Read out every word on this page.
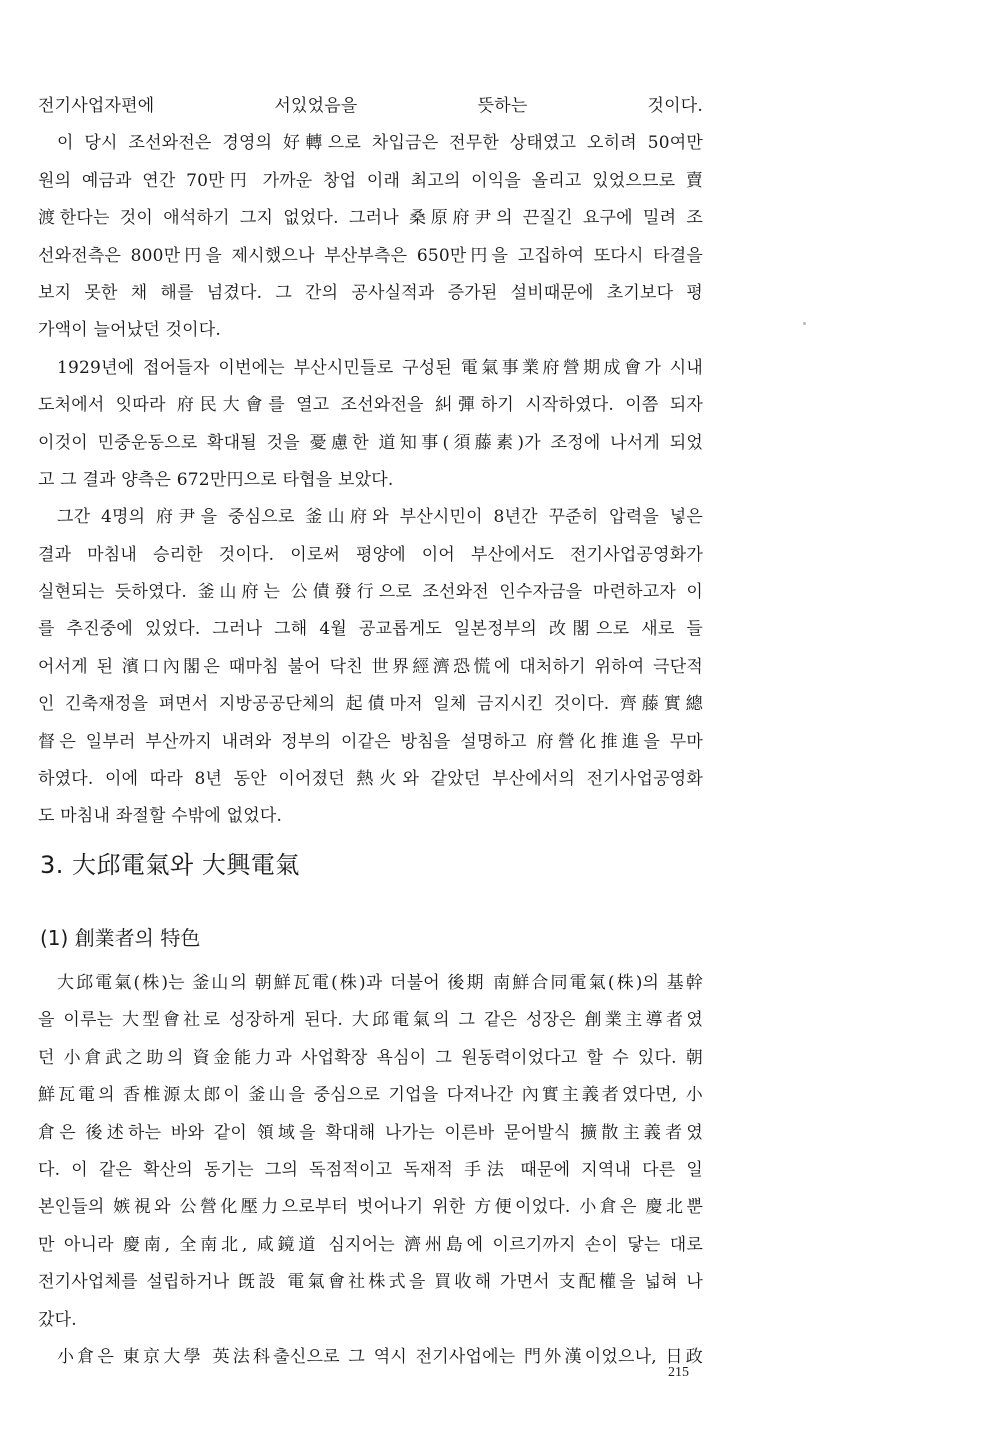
전기사업자편에 서있었음을 뜻하는 것이다.
이 당시 조선와전은 경영의 好轉으로 차입금은 전무한 상태였고 오히려 50여만
원의 예금과 연간 70만円 가까운 창업 이래 최고의 이익을 올리고 있었으므로 賣
渡한다는 것이 애석하기 그지 없었다. 그러나 桑原府尹의 끈질긴 요구에 밀려 조
선와전측은 800만円을 제시했으나 부산부측은 650만円을 고집하여 또다시 타결을
보지 못한 채 해를 넘겼다. 그 간의 공사실적과 증가된 설비때문에 초기보다 평
가액이 늘어났던 것이다.
1929년에 접어들자 이번에는 부산시민들로 구성된 電氣事業府營期成會가 시내
도처에서 잇따라 府民大會를 열고 조선와전을 糾彈하기 시작하였다. 이쯤 되자
이것이 민중운동으로 확대될 것을 憂慮한 道知事(須藤素)가 조정에 나서게 되었
고 그 결과 양측은 672만円으로 타협을 보았다.
그간 4명의 府尹을 중심으로 釜山府와 부산시민이 8년간 꾸준히 압력을 넣은
결과 마침내 승리한 것이다. 이로써 평양에 이어 부산에서도 전기사업공영화가
실현되는 듯하였다. 釜山府는 公債發行으로 조선와전 인수자금을 마련하고자 이
를 추진중에 있었다. 그러나 그해 4월 공교롭게도 일본정부의 改閣으로 새로 들
어서게 된 濱口內閣은 때마침 불어 닥친 世界經濟恐慌에 대처하기 위하여 극단적
인 긴축재정을 펴면서 지방공공단체의 起債마저 일체 금지시킨 것이다. 齊藤實總
督은 일부러 부산까지 내려와 정부의 이같은 방침을 설명하고 府營化推進을 무마
하였다. 이에 따라 8년 동안 이어졌던 熱火와 같았던 부산에서의 전기사업공영화
도 마침내 좌절할 수밖에 없었다.
3. 大邱電氣와 大興電氣
(1) 創業者의 特色
大邱電氣(株)는 釜山의 朝鮮瓦電(株)과 더불어 後期 南鮮合同電氣(株)의 基幹
을 이루는 大型會社로 성장하게 된다. 大邱電氣의 그 같은 성장은 創業主導者였
던 小倉武之助의 資金能力과 사업확장 욕심이 그 원동력이었다고 할 수 있다. 朝
鮮瓦電의 香椎源太郎이 釜山을 중심으로 기업을 다져나간 內實主義者였다면, 小
倉은 後述하는 바와 같이 領域을 확대해 나가는 이른바 문어발식 擴散主義者였
다. 이 같은 확산의 동기는 그의 독점적이고 독재적 手法 때문에 지역내 다른 일
본인들의 嫉視와 公營化壓力으로부터 벗어나기 위한 方便이었다. 小倉은 慶北뿐
만 아니라 慶南, 全南北, 咸鏡道 심지어는 濟州島에 이르기까지 손이 닿는 대로
전기사업체를 설립하거나 旣設 電氣會社株式을 買收해 가면서 支配權을 넓혀 나
갔다.
小倉은 東京大學 英法科출신으로 그 역시 전기사업에는 門外漢이었으나, 日政
215
